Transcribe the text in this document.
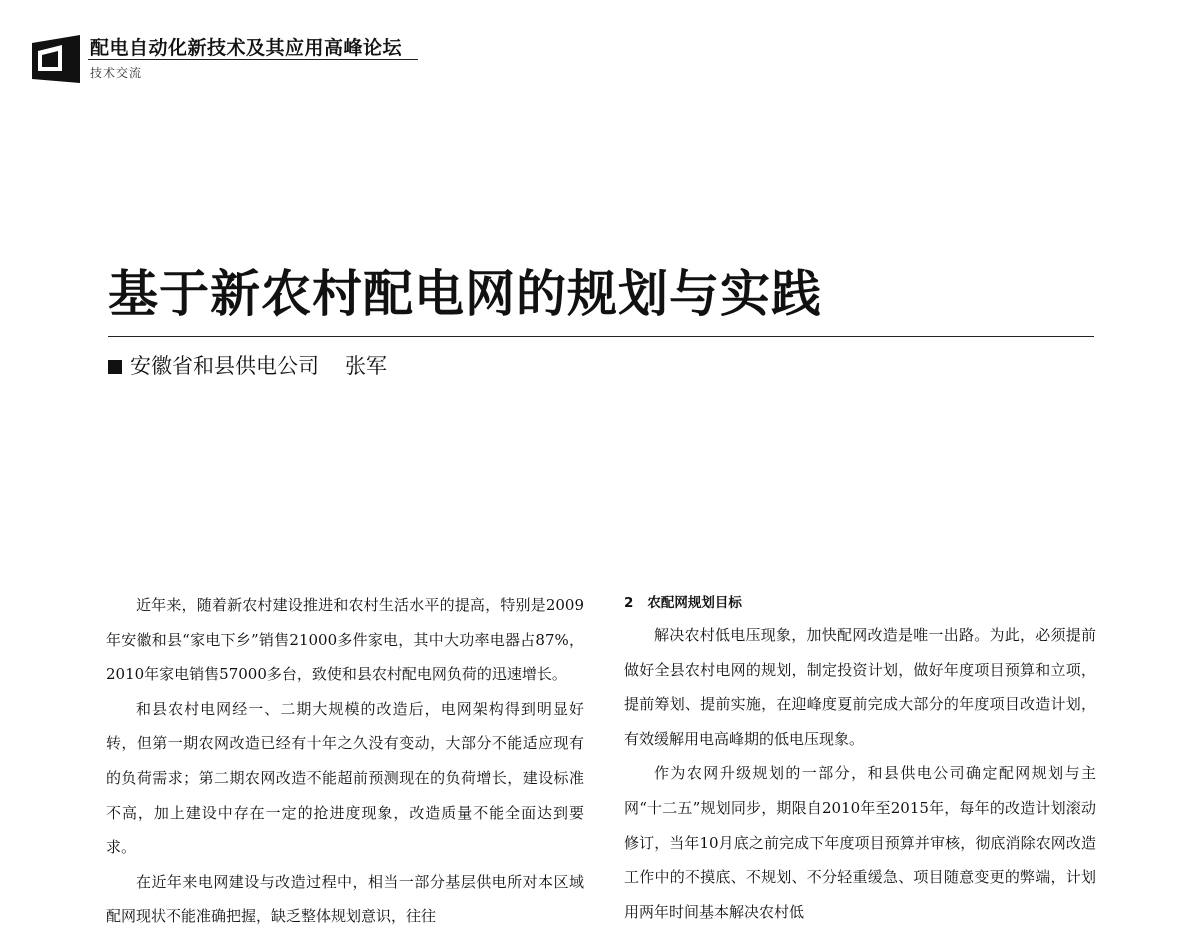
配电自动化新技术及其应用高峰论坛
技术交流
基于新农村配电网的规划与实践
安徽省和县供电公司 张军

近年来，随着新农村建设推进和农村生活水平的提高，特别是2009年安徽和县“家电下乡”销售21000多件家电，其中大功率电器占87%，2010年家电销售57000多台，致使和县农村配电网负荷的迅速增长。

和县农村电网经一、二期大规模的改造后，电网架构得到明显好转，但第一期农网改造已经有十年之久没有变动，大部分不能适应现有的负荷需求；第二期农网改造不能超前预测现在的负荷增长，建设标准不高，加上建设中存在一定的抢进度现象，改造质量不能全面达到要求。

在近年来电网建设与改造过程中，相当一部分基层供电所对本区域配网现状不能准确把握，缺乏整体规划意识，往往

2 农配网规划目标

解决农村低电压现象，加快配网改造是唯一出路。为此，必须提前做好全县农村电网的规划，制定投资计划，做好年度项目预算和立项，提前筹划、提前实施，在迎峰度夏前完成大部分的年度项目改造计划，有效缓解用电高峰期的低电压现象。

作为农网升级规划的一部分，和县供电公司确定配网规划与主网“十二五”规划同步，期限自2010年至2015年，每年的改造计划滚动修订，当年10月底之前完成下年度项目预算并审核，彻底消除农网改造工作中的不摸底、不规划、不分轻重缓急、项目随意变更的弊端，计划用两年时间基本解决农村低
